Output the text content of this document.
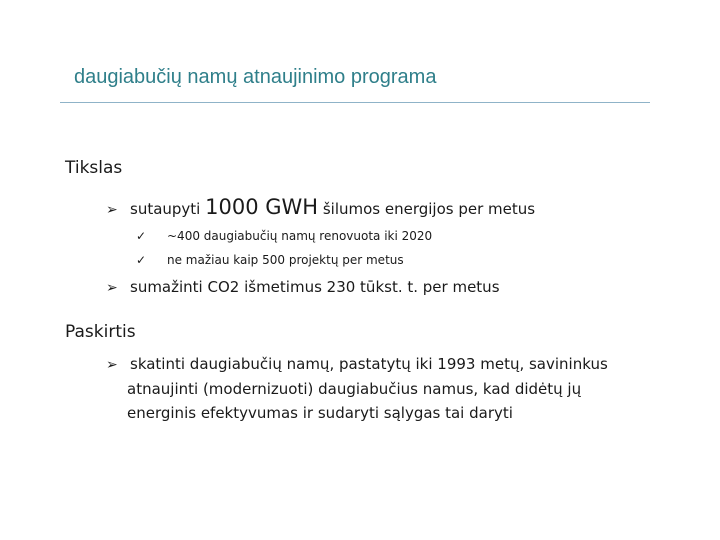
daugiabučių namų atnaujinimo programa
Tikslas
➢ sutaupyti 1000 GWH šilumos energijos per metus
✓ ~400 daugiabučių namų renovuota iki 2020
✓ ne mažiau kaip 500 projektų per metus
➢ sumažinti CO2 išmetimus 230 tūkst. t. per metus
Paskirtis
➢ skatinti daugiabučių namų, pastatytų iki 1993 metų, savininkus
atnaujinti (modernizuoti) daugiabučius namus, kad didėtų jų
energinis efektyvumas ir sudaryti sąlygas tai daryti
